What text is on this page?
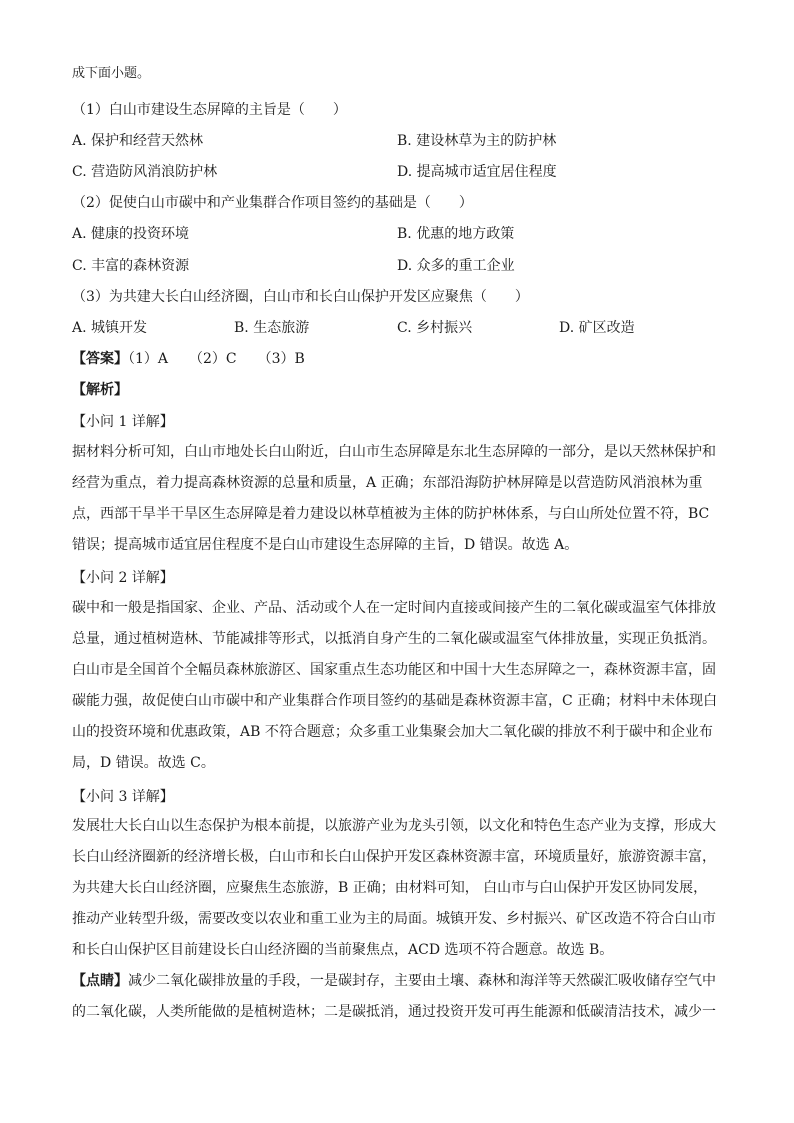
成下面小题。
（1）白山市建设生态屏障的主旨是（　　）
A. 保护和经营天然林	B. 建设林草为主的防护林
C. 营造防风消浪防护林	D. 提高城市适宜居住程度
（2）促使白山市碳中和产业集群合作项目签约的基础是（　　）
A. 健康的投资环境	B. 优惠的地方政策
C. 丰富的森林资源	D. 众多的重工企业
（3）为共建大长白山经济圈，白山市和长白山保护开发区应聚焦（　　）
A. 城镇开发	B. 生态旅游	C. 乡村振兴	D. 矿区改造
【答案】（1）A　　（2）C　　（3）B
【解析】
【小问 1 详解】
据材料分析可知，白山市地处长白山附近，白山市生态屏障是东北生态屏障的一部分，是以天然林保护和
经营为重点，着力提高森林资源的总量和质量，A 正确；东部沿海防护林屏障是以营造防风消浪林为重
点，西部干旱半干旱区生态屏障是着力建设以林草植被为主体的防护林体系，与白山所处位置不符，BC
错误；提高城市适宜居住程度不是白山市建设生态屏障的主旨，D 错误。故选 A。
【小问 2 详解】
碳中和一般是指国家、企业、产品、活动或个人在一定时间内直接或间接产生的二氧化碳或温室气体排放
总量，通过植树造林、节能减排等形式，以抵消自身产生的二氧化碳或温室气体排放量，实现正负抵消。
白山市是全国首个全幅员森林旅游区、国家重点生态功能区和中国十大生态屏障之一，森林资源丰富，固
碳能力强，故促使白山市碳中和产业集群合作项目签约的基础是森林资源丰富，C 正确；材料中未体现白
山的投资环境和优惠政策，AB 不符合题意；众多重工业集聚会加大二氧化碳的排放不利于碳中和企业布
局，D 错误。故选 C。
【小问 3 详解】
发展壮大长白山以生态保护为根本前提，以旅游产业为龙头引领，以文化和特色生态产业为支撑，形成大
长白山经济圈新的经济增长极，白山市和长白山保护开发区森林资源丰富，环境质量好，旅游资源丰富，
为共建大长白山经济圈，应聚焦生态旅游，B 正确；由材料可知， 白山市与白山保护开发区协同发展，
推动产业转型升级，需要改变以农业和重工业为主的局面。城镇开发、乡村振兴、矿区改造不符合白山市
和长白山保护区目前建设长白山经济圈的当前聚焦点，ACD 选项不符合题意。故选 B。
【点睛】减少二氧化碳排放量的手段，一是碳封存，主要由土壤、森林和海洋等天然碳汇吸收储存空气中
的二氧化碳，人类所能做的是植树造林；二是碳抵消，通过投资开发可再生能源和低碳清洁技术，减少一
